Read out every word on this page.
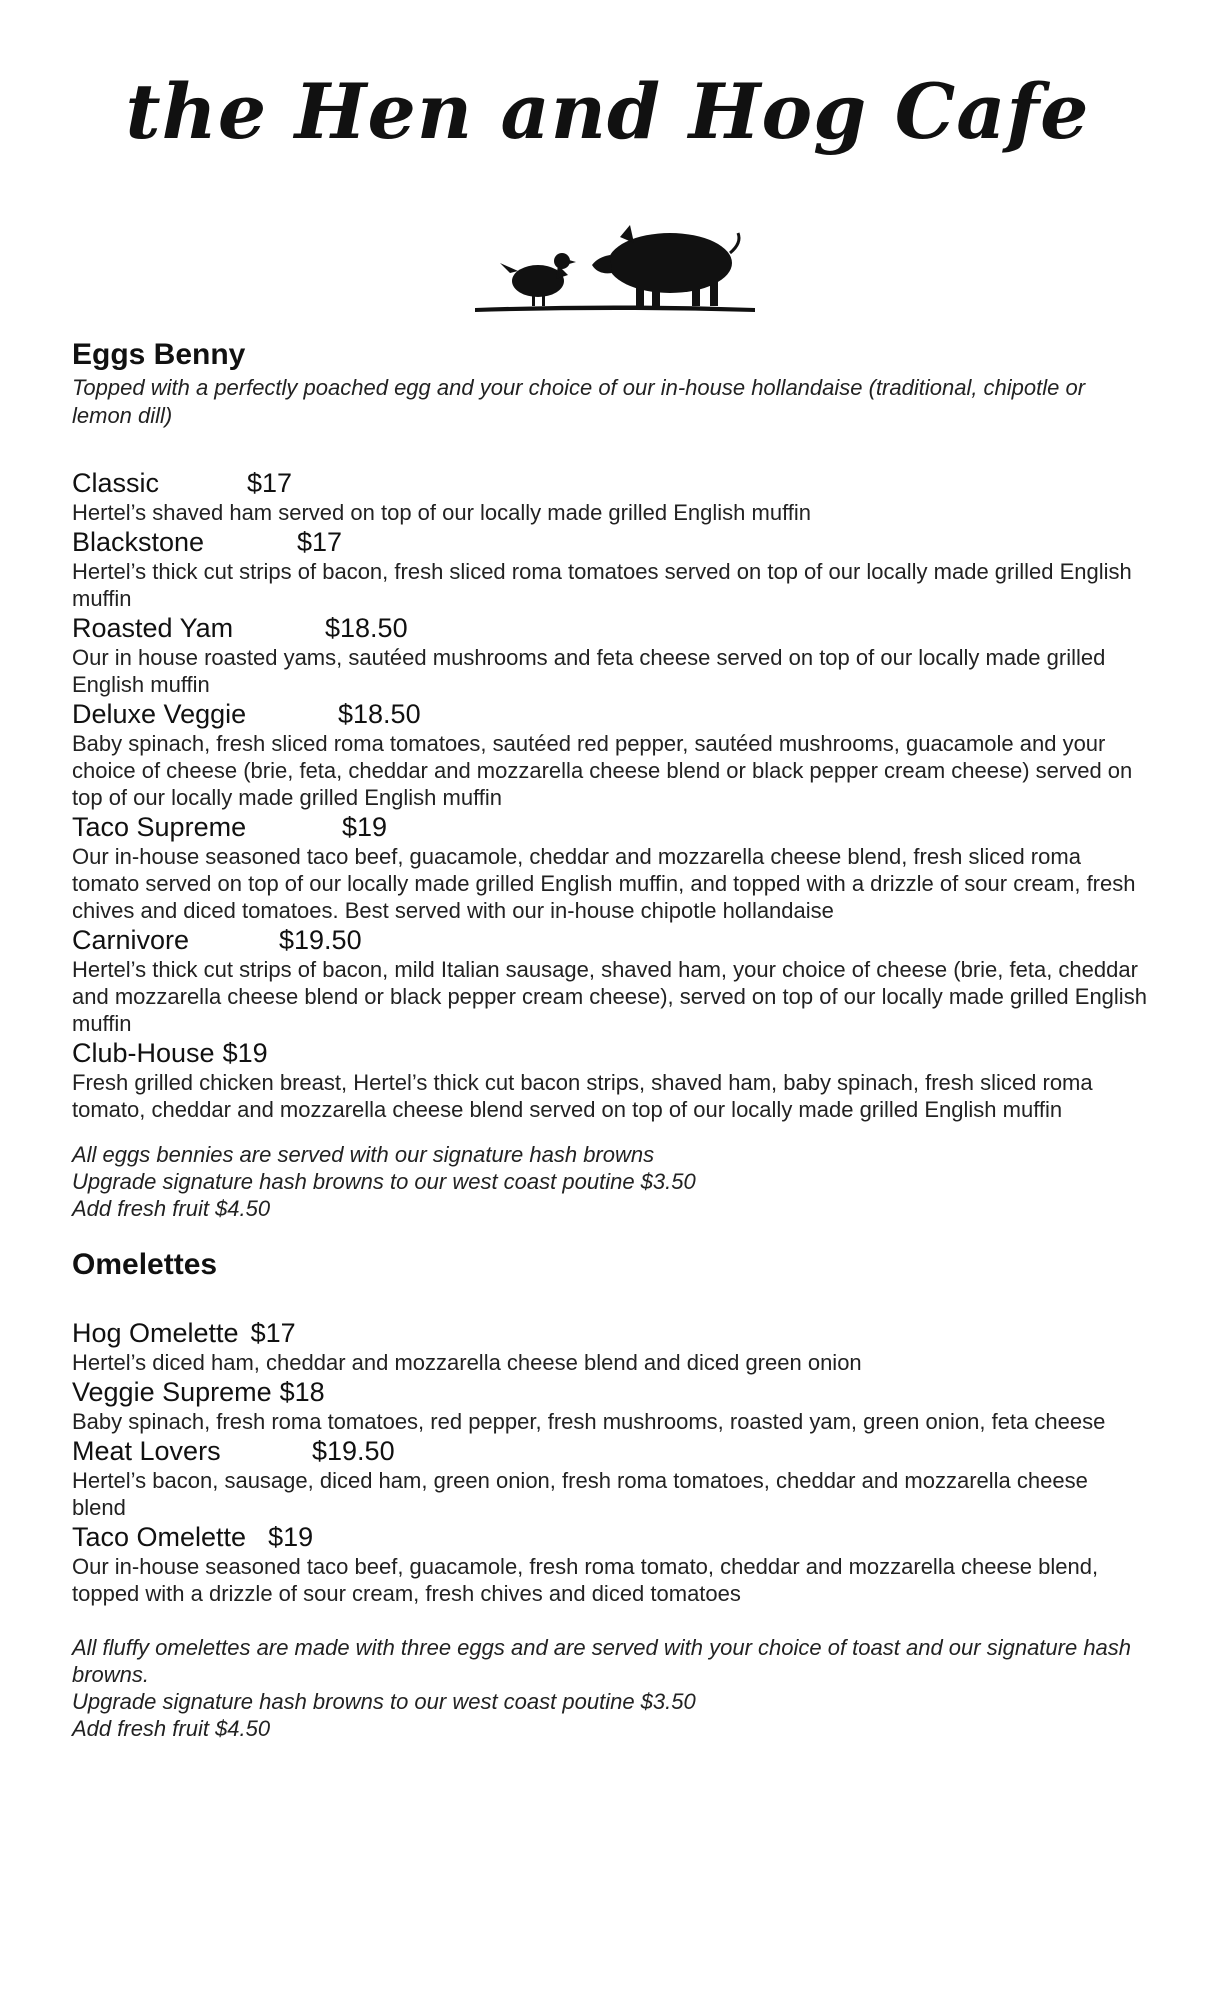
the Hen and Hog Cafe
Eggs Benny

Topped with a perfectly poached egg and your choice of our in-house hollandaise (traditional, chipotle or lemon dill)

Classic	$17

Hertel’s shaved ham served on top of our locally made grilled English muffin

Blackstone	$17

Hertel’s thick cut strips of bacon, fresh sliced roma tomatoes served on top of our locally made grilled English muffin

Roasted Yam	$18.50

Our in house roasted yams, sautéed mushrooms and feta cheese served on top of our locally made grilled English muffin

Deluxe Veggie	$18.50

Baby spinach, fresh sliced roma tomatoes, sautéed red pepper, sautéed mushrooms, guacamole and your choice of cheese (brie, feta, cheddar and mozzarella cheese blend or black pepper cream cheese) served on top of our locally made grilled English muffin

Taco Supreme	$19

Our in-house seasoned taco beef, guacamole, cheddar and mozzarella cheese blend, fresh sliced roma tomato served on top of our locally made grilled English muffin, and topped with a drizzle of sour cream, fresh chives and diced tomatoes. Best served with our in-house chipotle hollandaise

Carnivore	$19.50

Hertel’s thick cut strips of bacon, mild Italian sausage, shaved ham, your choice of cheese (brie, feta, cheddar and mozzarella cheese blend or black pepper cream cheese), served on top of our locally made grilled English muffin

Club-House $19

Fresh grilled chicken breast, Hertel’s thick cut bacon strips, shaved ham, baby spinach, fresh sliced roma tomato, cheddar and mozzarella cheese blend served on top of our locally made grilled English muffin

All eggs bennies are served with our signature hash browns
Upgrade signature hash browns to our west coast poutine $3.50
Add fresh fruit $4.50
Omelettes
Hog Omelette $17

Hertel’s diced ham, cheddar and mozzarella cheese blend and diced green onion

Veggie Supreme $18

Baby spinach, fresh roma tomatoes, red pepper, fresh mushrooms, roasted yam, green onion, feta cheese

Meat Lovers	$19.50

Hertel’s bacon, sausage, diced ham, green onion, fresh roma tomatoes, cheddar and mozzarella cheese blend

Taco Omelette $19

Our in-house seasoned taco beef, guacamole, fresh roma tomato, cheddar and mozzarella cheese blend, topped with a drizzle of sour cream, fresh chives and diced tomatoes

All fluffy omelettes are made with three eggs and are served with your choice of toast and our signature hash browns.
Upgrade signature hash browns to our west coast poutine $3.50
Add fresh fruit $4.50
